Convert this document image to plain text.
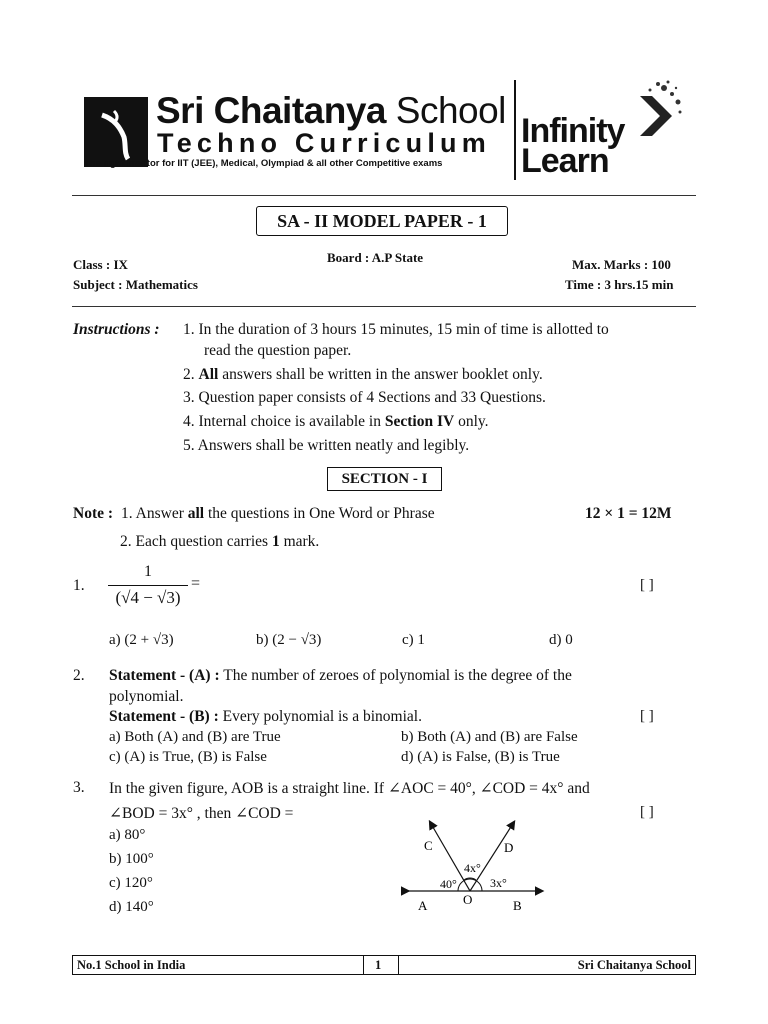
Sri Chaitanya School
Techno Curriculum
The right mentor for IIT (JEE), Medical, Olympiad & all other Competitive exams
Infinity
Learn
SA - II MODEL PAPER - 1
Class : IX
Subject : Mathematics
Board : A.P State	Max. Marks : 100
Time : 3 hrs.15 min
Instructions : 1. In the duration of 3 hours 15 minutes, 15 min of time is allotted to
read the question paper.
2. All answers shall be written in the answer booklet only.
3. Question paper consists of 4 Sections and 33 Questions.
4. Internal choice is available in Section IV only.
5. Answers shall be written neatly and legibly.
SECTION - I
Note : 1. Answer all the questions in One Word or Phrase	12 × 1 = 12M
2. Each question carries 1 mark.
1.
1
(√4 − √3)
=	[ ]
a) (2 + √3)	b) (2 − √3)	c) 1	d) 0
2. Statement - (A) : The number of zeroes of polynomial is the degree of the
polynomial.
Statement - (B) : Every polynomial is a binomial.	[ ]
a) Both (A) and (B) are True	b) Both (A) and (B) are False
c) (A) is True, (B) is False	d) (A) is False, (B) is True
3. In the given figure, AOB is a straight line. If ∠AOC = 40°, ∠COD = 4x° and
∠BOD = 3x° , then ∠COD =	[ ]
a) 80°
b) 100°
c) 120°
d) 140°	A	B
O
C	D
40°
4x°
3x°
No.1 School in India	1	Sri Chaitanya School
